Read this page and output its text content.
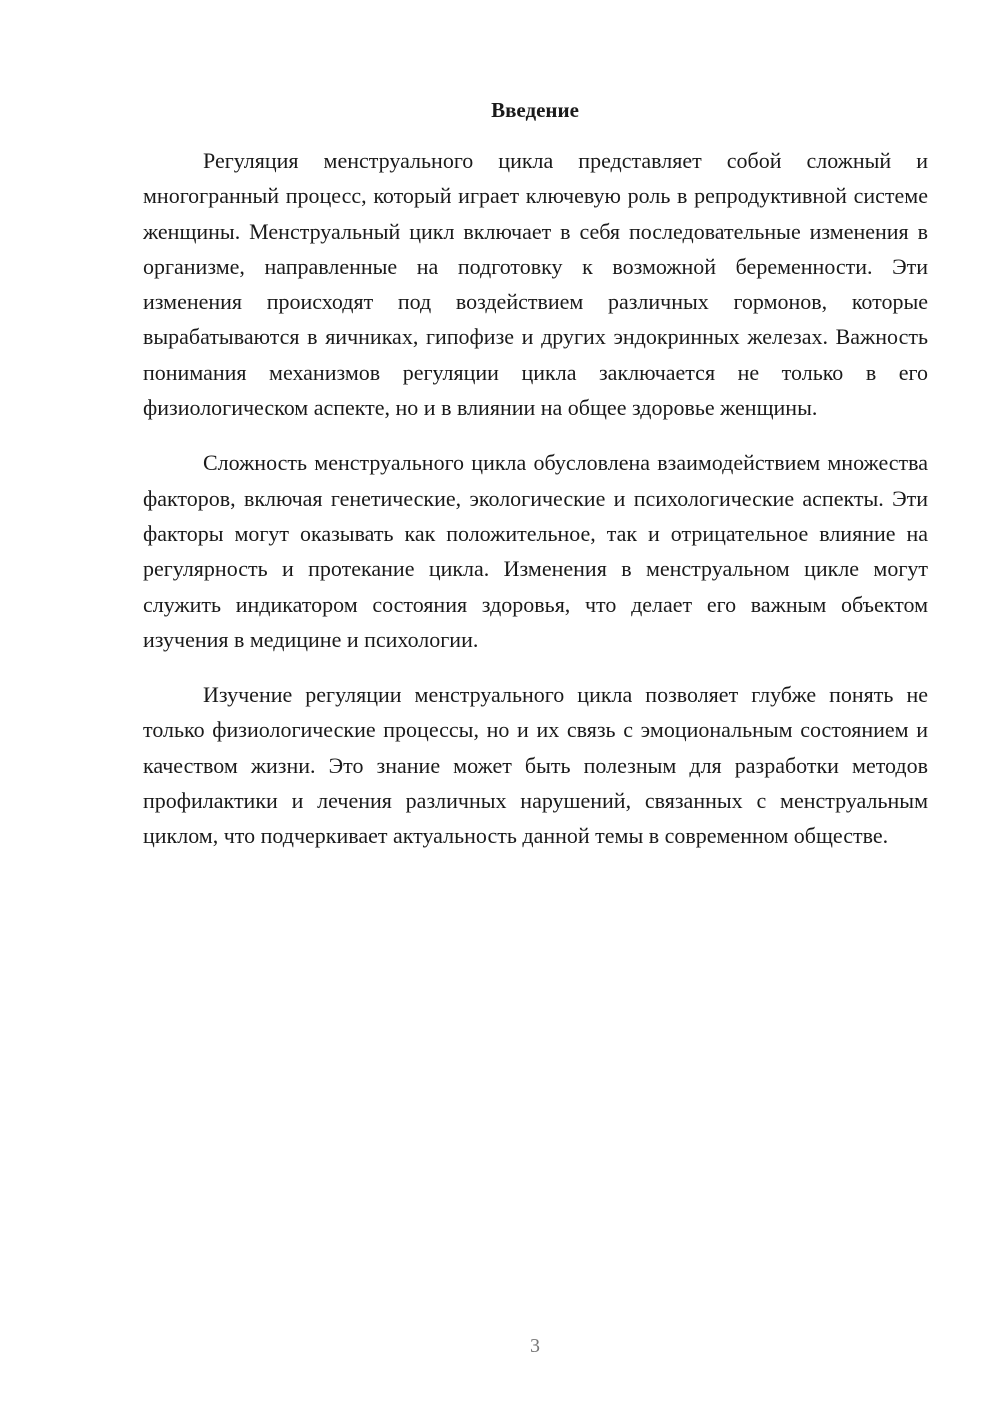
Введение

Регуляция менструального цикла представляет собой сложный и многогранный процесс, который играет ключевую роль в репродуктивной системе женщины. Менструальный цикл включает в себя последовательные изменения в организме, направленные на подготовку к возможной беременности. Эти изменения происходят под воздействием различных гормонов, которые вырабатываются в яичниках, гипофизе и других эндокринных железах. Важность понимания механизмов регуляции цикла заключается не только в его физиологическом аспекте, но и в влиянии на общее здоровье женщины.

Сложность менструального цикла обусловлена взаимодействием множества факторов, включая генетические, экологические и психологические аспекты. Эти факторы могут оказывать как положительное, так и отрицательное влияние на регулярность и протекание цикла. Изменения в менструальном цикле могут служить индикатором состояния здоровья, что делает его важным объектом изучения в медицине и психологии.

Изучение регуляции менструального цикла позволяет глубже понять не только физиологические процессы, но и их связь с эмоциональным состоянием и качеством жизни. Это знание может быть полезным для разработки методов профилактики и лечения различных нарушений, связанных с менструальным циклом, что подчеркивает актуальность данной темы в современном обществе.

3
